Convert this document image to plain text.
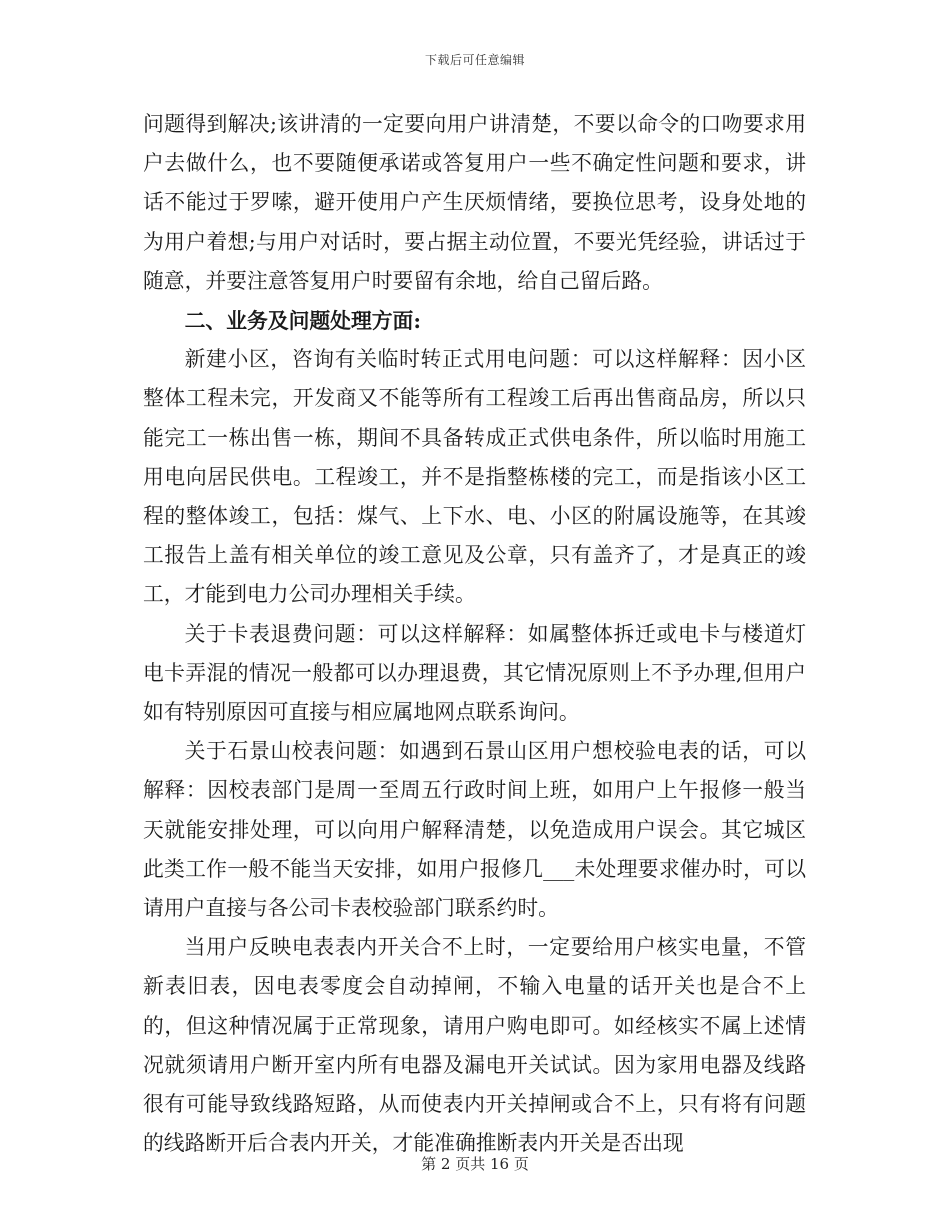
下载后可任意编辑

问题得到解决;该讲清的一定要向用户讲清楚，不要以命令的口吻要求用户去做什么，也不要随便承诺或答复用户一些不确定性问题和要求，讲话不能过于罗嗦，避开使用户产生厌烦情绪，要换位思考，设身处地的为用户着想;与用户对话时，要占据主动位置，不要光凭经验，讲话过于随意，并要注意答复用户时要留有余地，给自己留后路。

二、业务及问题处理方面:

新建小区，咨询有关临时转正式用电问题：可以这样解释：因小区整体工程未完，开发商又不能等所有工程竣工后再出售商品房，所以只能完工一栋出售一栋，期间不具备转成正式供电条件，所以临时用施工用电向居民供电。工程竣工，并不是指整栋楼的完工，而是指该小区工程的整体竣工，包括：煤气、上下水、电、小区的附属设施等，在其竣工报告上盖有相关单位的竣工意见及公章，只有盖齐了，才是真正的竣工，才能到电力公司办理相关手续。

关于卡表退费问题：可以这样解释：如属整体拆迁或电卡与楼道灯电卡弄混的情况一般都可以办理退费，其它情况原则上不予办理,但用户如有特别原因可直接与相应属地网点联系询问。

关于石景山校表问题：如遇到石景山区用户想校验电表的话，可以解释：因校表部门是周一至周五行政时间上班，如用户上午报修一般当天就能安排处理，可以向用户解释清楚，以免造成用户误会。其它城区此类工作一般不能当天安排，如用户报修几___未处理要求催办时，可以请用户直接与各公司卡表校验部门联系约时。

当用户反映电表表内开关合不上时，一定要给用户核实电量，不管新表旧表，因电表零度会自动掉闸，不输入电量的话开关也是合不上的，但这种情况属于正常现象，请用户购电即可。如经核实不属上述情况就须请用户断开室内所有电器及漏电开关试试。因为家用电器及线路很有可能导致线路短路，从而使表内开关掉闸或合不上，只有将有问题的线路断开后合表内开关，才能准确推断表内开关是否出现

第 2 页共 16 页
